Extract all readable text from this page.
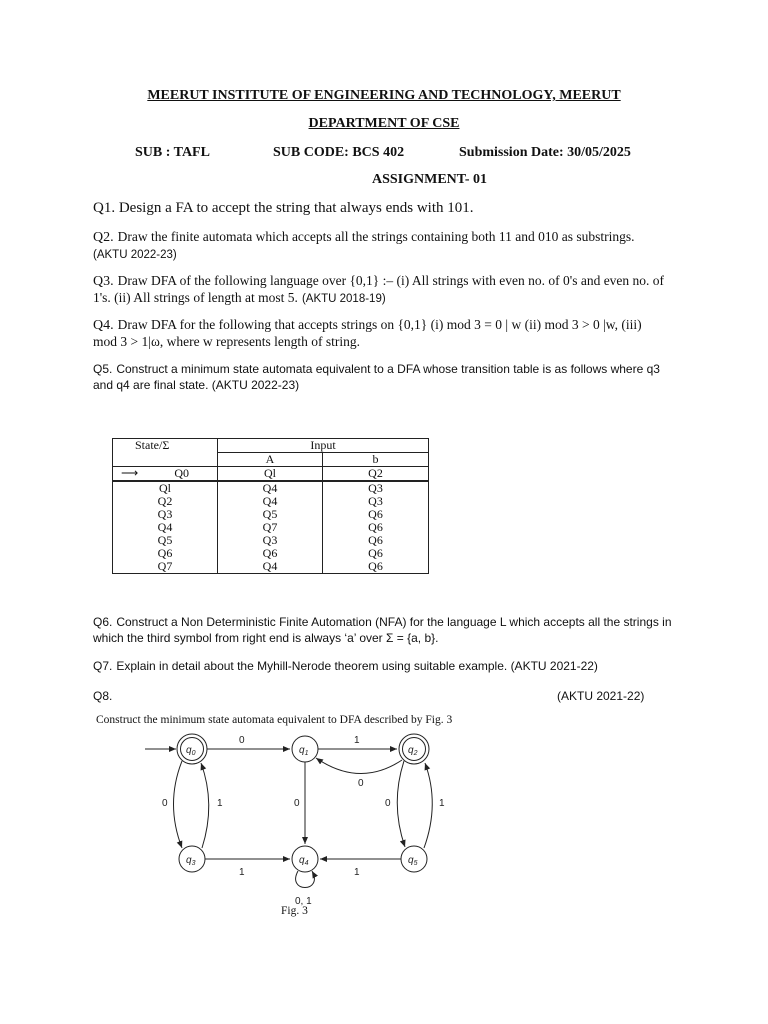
MEERUT INSTITUTE OF ENGINEERING AND TECHNOLOGY, MEERUT
DEPARTMENT OF CSE
SUB : TAFL	SUB CODE: BCS 402	Submission Date: 30/05/2025
ASSIGNMENT- 01
Q1. Design a FA to accept the string that always ends with 101.
Q2. Draw the finite automata which accepts all the strings containing both 11 and 010 as substrings.
(AKTU 2022-23)
Q3. Draw DFA of the following language over {0,1} :– (i) All strings with even no. of 0's and even no. of 1's. (ii) All strings of length at most 5. (AKTU 2018-19)
Q4. Draw DFA for the following that accepts strings on {0,1} (i) mod 3 = 0 | w (ii) mod 3 > 0 |w, (iii)
mod 3 > 1|ω, where w represents length of string.
Q5. Construct a minimum state automata equivalent to a DFA whose transition table is as follows where q3 and q4 are final state. (AKTU 2022-23)
State/Σ	Input	
	A	b

⟶ Q0	Ql	Q2
Ql	Q4	Q3
Q2	Q4	Q3
Q3	Q5	Q6
Q4	Q7	Q6
Q5	Q3	Q6
Q6	Q6	Q6
Q7	Q4	Q6
Q6. Construct a Non Deterministic Finite Automation (NFA) for the language L which accepts all the strings in which the third symbol from right end is always ‘a’ over Σ = {a, b}.
Q7. Explain in detail about the Myhill-Nerode theorem using suitable example. (AKTU 2021-22)
Q8.	(AKTU 2021-22)
Construct the minimum state automata equivalent to DFA described by Fig. 3
$q_0$	$q_1$	$q_2$
$q_3$	$q_4$	$q_5$
0	1
0
0	1	0	0	1
1	1
0, 1
Fig. 3
